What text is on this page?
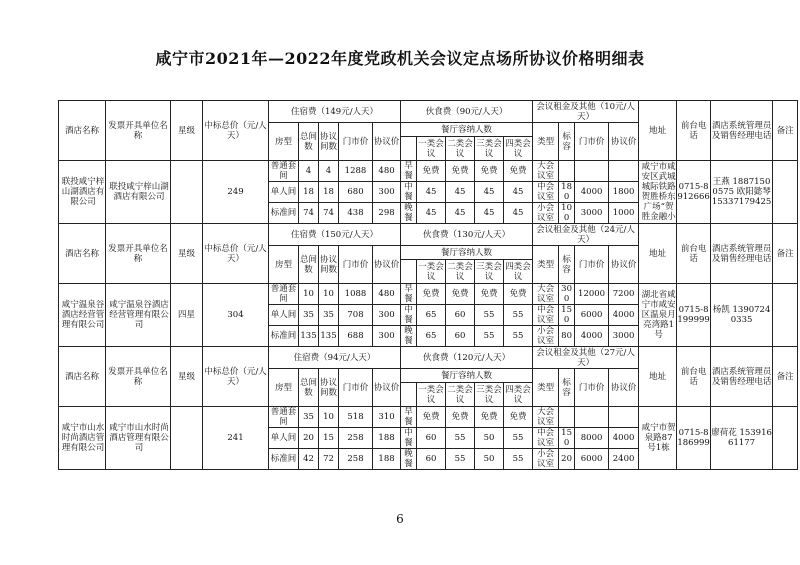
咸宁市2021年—2022年度党政机关会议定点场所协议价格明细表
酒店名称	发票开具单位名称	星级	中标总价（元/人天）	住宿费（149元/人天）					伙食费（90元/人天）					会议租金及其他（10元/人天）				地址	前台电话	酒店系统管理员及销售经理电话	备注
				房型	总间数	协议间数	门市价	协议价	餐厅容纳人数					类型	标容	门市价	协议价				
										一类会议	二类会议	三类会议	四类会议								
联投咸宁梓山湖酒店有限公司	联投咸宁梓山湖酒店有限公司		249	普通套间	4	4	1288	480	早餐	免费	免费	免费	免费	大会议室				咸宁市咸安区武城城际铁路贺胜桥东广场“贺胜金融小	0715-8912666	王燕 18871500575 欧阳懿琴 15337179425	
				单人间	18	18	680	300	中餐	45	45	45	45	中会议室	180	4000	1800				
				标准间	74	74	438	298	晚餐	45	45	45	45	小会议室	100	3000	1000				
酒店名称	发票开具单位名称	星级	中标总价（元/人天）	住宿费（150元/人天）					伙食费（130元/人天）					会议租金及其他（24元/人天）				地址	前台电话	酒店系统管理员及销售经理电话	备注
				房型	总间数	协议间数	门市价	协议价	餐厅容纳人数					类型	标容	门市价	协议价				
										一类会议	二类会议	三类会议	四类会议								
咸宁温泉谷酒店经营管理有限公司	咸宁温泉谷酒店经营管理有限公司	四星	304	普通套间	10	10	1088	480	早餐	免费	免费	免费	免费	大会议室	300	12000	7200	湖北省咸宁市咸安区温泉月亮湾路1号	0715-8199999	杨凯 13907240335	
				单人间	35	35	708	300	中餐	65	60	55	55	中会议室	150	6000	4000				
				标准间	135	135	688	300	晚餐	65	60	55	55	小会议室	80	4000	3000				
酒店名称	发票开具单位名称	星级	中标总价（元/人天）	住宿费（94元/人天）					伙食费（120元/人天）					会议租金及其他（27元/人天）				地址	前台电话	酒店系统管理员及销售经理电话	备注
				房型	总间数	协议间数	门市价	协议价	餐厅容纳人数					类型	标容	门市价	协议价				
										一类会议	二类会议	三类会议	四类会议								
咸宁市山水时尚酒店管理有限公司	咸宁市山水时尚酒店管理有限公司		241	普通套间	35	10	518	310	早餐	免费	免费	免费	免费	大会议室				咸宁市贺泉路87号1栋	0715-8186999	廖荷花 15391661177	
				单人间	20	15	258	188	中餐	60	55	50	55	中会议室	150	8000	4000				
				标准间	42	72	258	188	晚餐	60	55	50	55	小会议室	20	6000	2400				
6
